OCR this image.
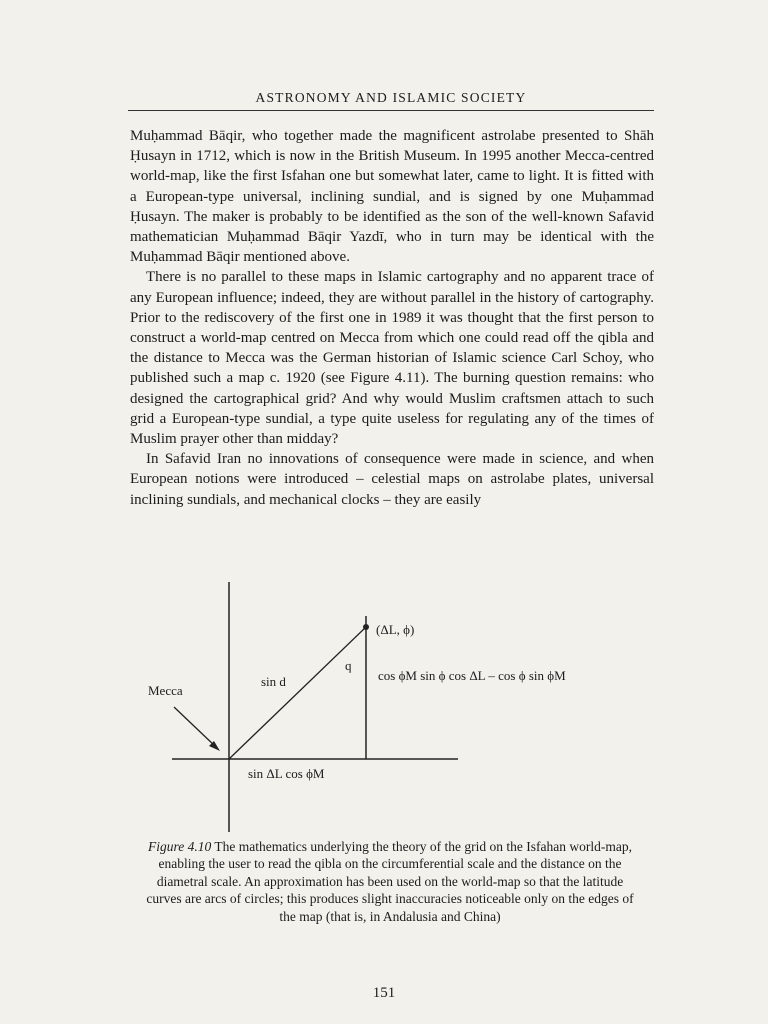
ASTRONOMY AND ISLAMIC SOCIETY

Muḥammad Bāqir, who together made the magnificent astrolabe presented to Shāh Ḥusayn in 1712, which is now in the British Museum. In 1995 another Mecca-centred world-map, like the first Isfahan one but somewhat later, came to light. It is fitted with a European-type universal, inclining sundial, and is signed by one Muḥammad Ḥusayn. The maker is probably to be identified as the son of the well-known Safavid mathematician Muḥammad Bāqir Yazdī, who in turn may be identical with the Muḥammad Bāqir mentioned above.

There is no parallel to these maps in Islamic cartography and no apparent trace of any European influence; indeed, they are without parallel in the history of cartography. Prior to the rediscovery of the first one in 1989 it was thought that the first person to construct a world-map centred on Mecca from which one could read off the qibla and the distance to Mecca was the German historian of Islamic science Carl Schoy, who published such a map c. 1920 (see Figure 4.11). The burning question remains: who designed the cartographical grid? And why would Muslim craftsmen attach to such grid a European-type sundial, a type quite useless for regulating any of the times of Muslim prayer other than midday?

In Safavid Iran no innovations of consequence were made in science, and when European notions were introduced – celestial maps on astrolabe plates, universal inclining sundials, and mechanical clocks – they are easily

(ΔL, ϕ)
q
sin d	cos ϕM sin ϕ cos ΔL – cos ϕ sin ϕM
Mecca
sin ΔL cos ϕM
Figure 4.10 The mathematics underlying the theory of the grid on the Isfahan world-map, enabling the user to read the qibla on the circumferential scale and the distance on the diametral scale. An approximation has been used on the world-map so that the latitude curves are arcs of circles; this produces slight inaccuracies noticeable only on the edges of the map (that is, in Andalusia and China)
151
